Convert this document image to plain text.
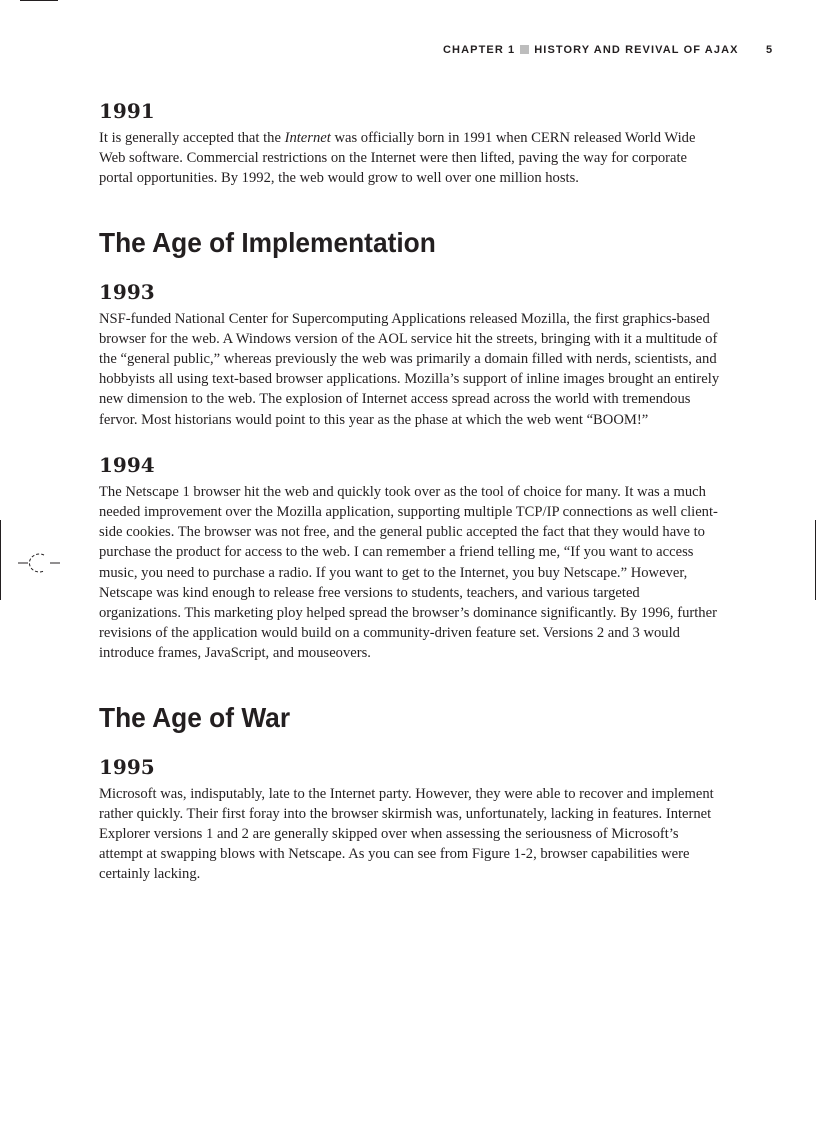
CHAPTER 1 HISTORY AND REVIVAL OF AJAX 5
1991

It is generally accepted that the Internet was officially born in 1991 when CERN released World Wide Web software. Commercial restrictions on the Internet were then lifted, paving the way for corporate portal opportunities. By 1992, the web would grow to well over one million hosts.

The Age of Implementation
1993

NSF-funded National Center for Supercomputing Applications released Mozilla, the first graphics-based browser for the web. A Windows version of the AOL service hit the streets, bringing with it a multitude of the “general public,” whereas previously the web was primarily a domain filled with nerds, scientists, and hobbyists all using text-based browser applications. Mozilla’s support of inline images brought an entirely new dimension to the web. The explosion of Internet access spread across the world with tremendous fervor. Most historians would point to this year as the phase at which the web went “BOOM!”

1994

The Netscape 1 browser hit the web and quickly took over as the tool of choice for many. It was a much needed improvement over the Mozilla application, supporting multiple TCP/IP connections as well client-side cookies. The browser was not free, and the general public accepted the fact that they would have to purchase the product for access to the web. I can remember a friend telling me, “If you want to access music, you need to purchase a radio. If you want to get to the Internet, you buy Netscape.” However, Netscape was kind enough to release free versions to students, teachers, and various targeted organizations. This marketing ploy helped spread the browser’s dominance significantly. By 1996, further revisions of the application would build on a community-driven feature set. Versions 2 and 3 would introduce frames, JavaScript, and mouseovers.

The Age of War
1995

Microsoft was, indisputably, late to the Internet party. However, they were able to recover and implement rather quickly. Their first foray into the browser skirmish was, unfortunately, lacking in features. Internet Explorer versions 1 and 2 are generally skipped over when assessing the seriousness of Microsoft’s attempt at swapping blows with Netscape. As you can see from Figure 1-2, browser capabilities were certainly lacking.
